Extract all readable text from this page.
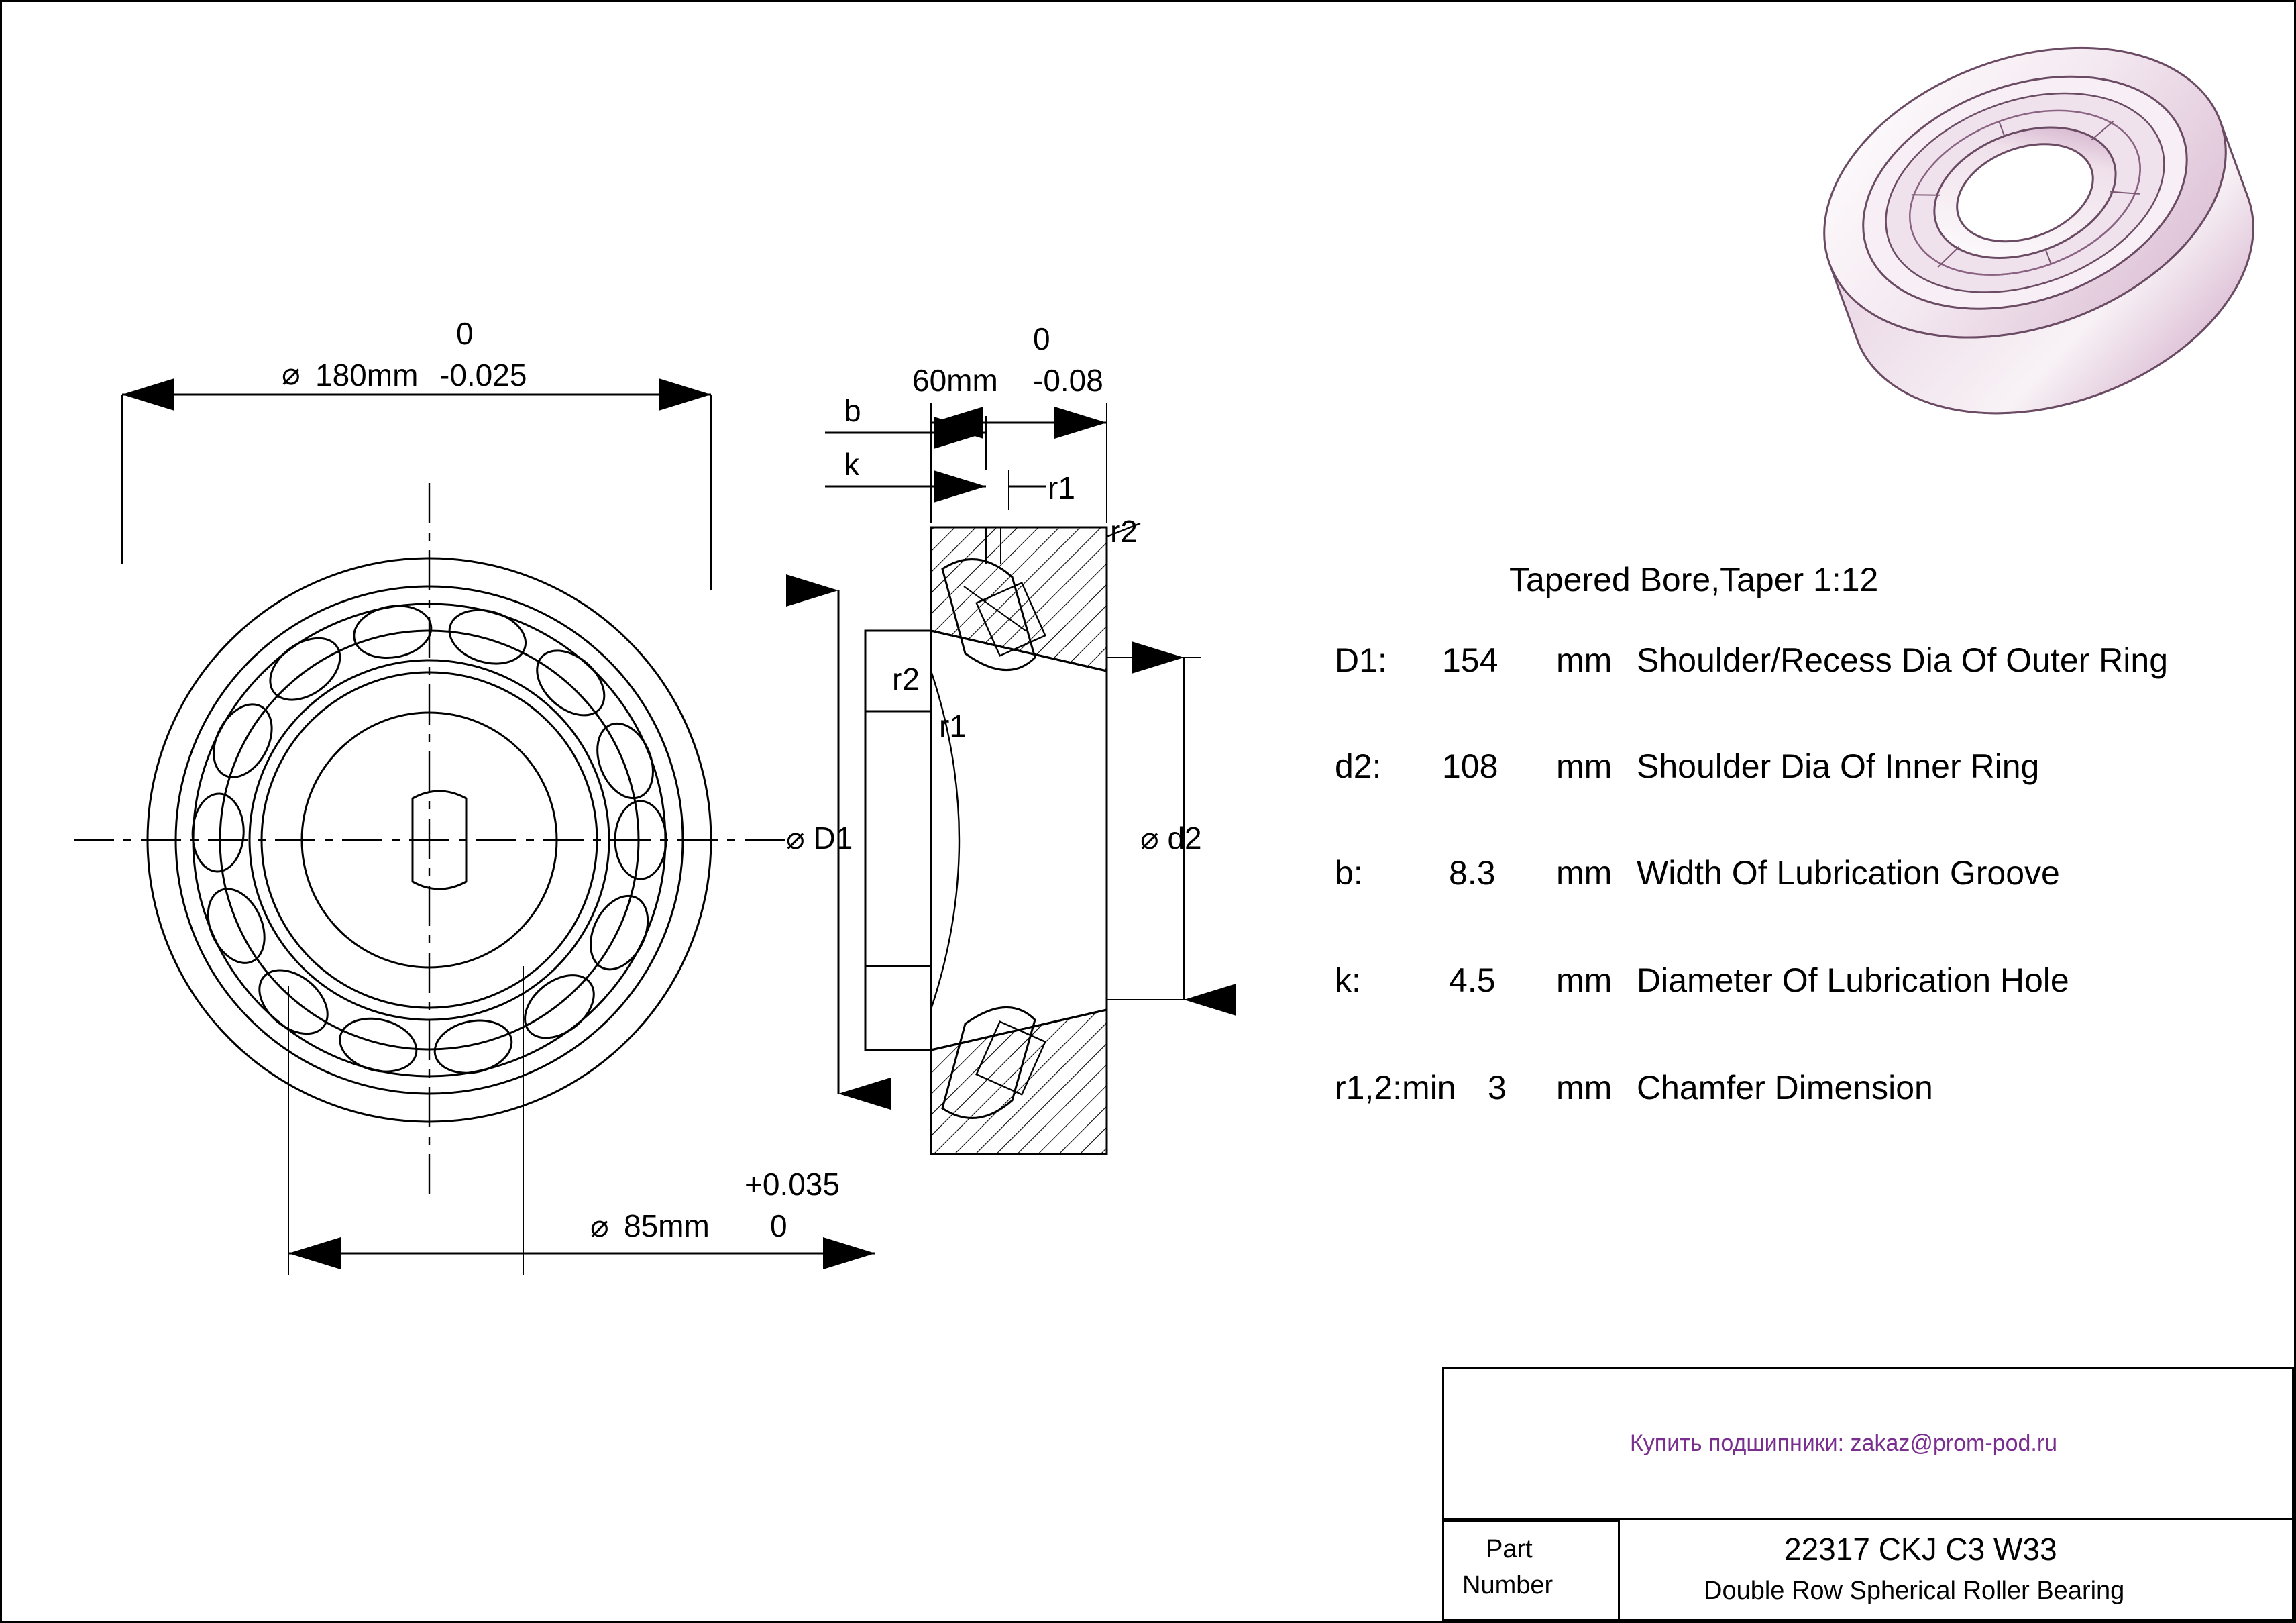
0
⌀ 180mm -0.025
+0.035
⌀ 85mm 0
0
60mm -0.08
b
k
r1
r2
r2
r1
⌀ D1	⌀ d2
Tapered Bore,Taper 1:12
D1: 154 mm Shoulder/Recess Dia Of Outer Ring
d2: 108 mm Shoulder Dia Of Inner Ring
b:	8.3 mm Width Of Lubrication Groove
k:	4.5 mm Diameter Of Lubrication Hole
r1,2:min 3 mm Chamfer Dimension
Купить подшипники: zakaz@prom-pod.ru
Part
Number
22317 CKJ C3 W33
Double Row Spherical Roller Bearing
